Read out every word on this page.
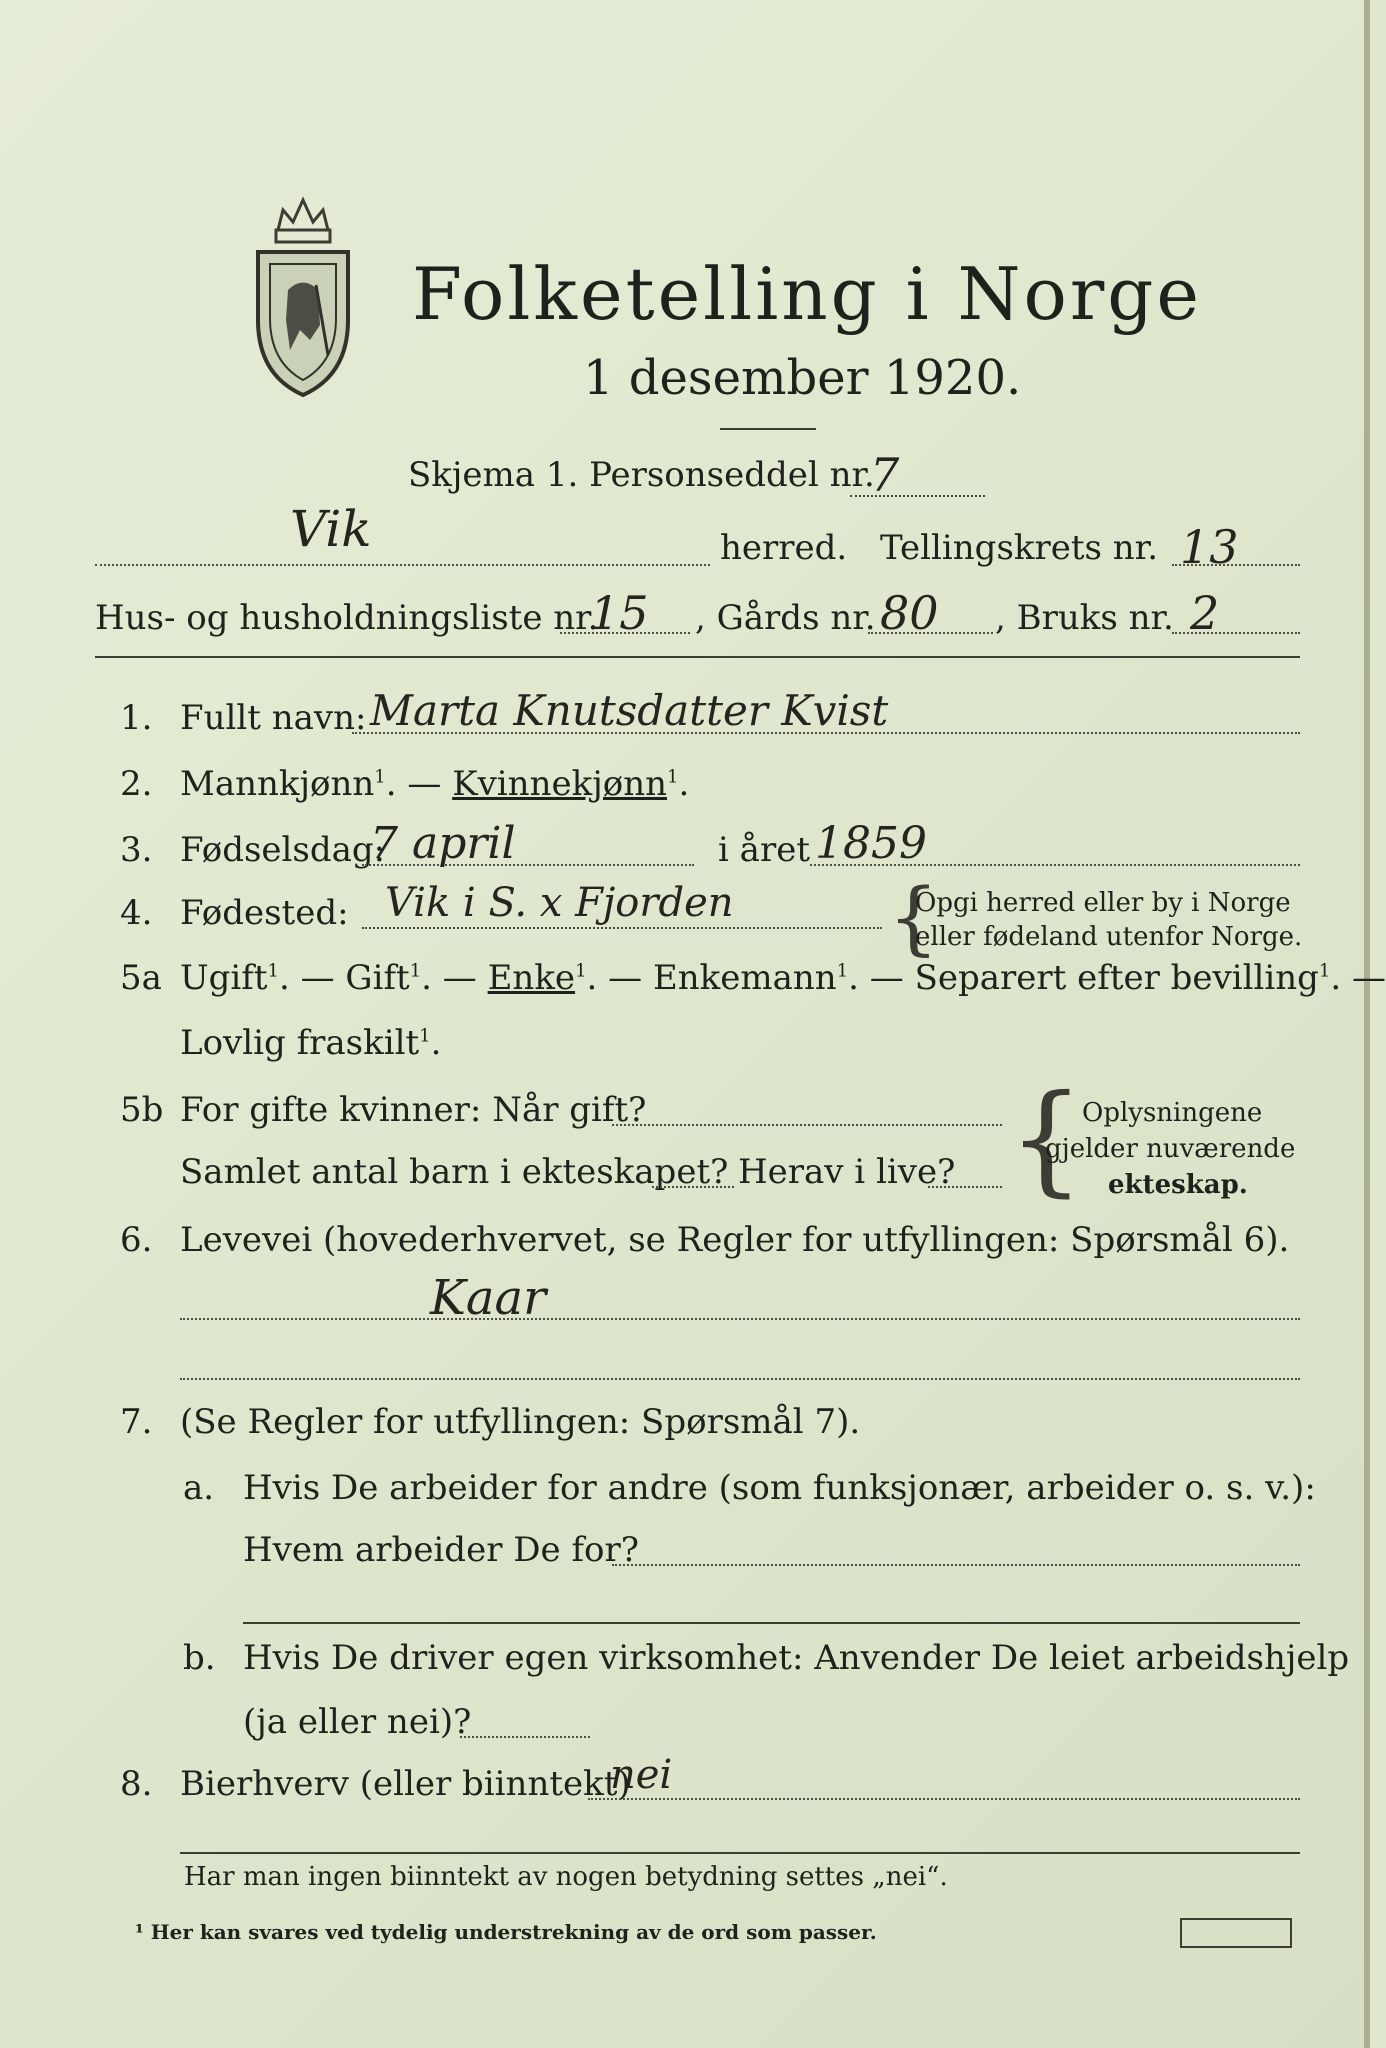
Folketelling i Norge
1 desember 1920.
Skjema 1. Personseddel nr.
7
Vik	herred. Tellingskrets nr. 13
Hus- og husholdningsliste nr.
15 , Gårds nr. 80 , Bruks nr. 2
1. Fullt navn: Marta Knutsdatter Kvist
2. Mannkjønn$^1$. — Kvinnekjønn$^1$.
3. Fødselsdag:
7 april	i året 1859
4. Fødested: Vik i S. x Fjorden {
Opgi herred eller by i Norge
eller fødeland utenfor Norge.
5a Ugift$^1$. — Gift$^1$. — Enke$^1$. — Enkemann$^1$. — Separert efter bevilling$^1$. —
Lovlig fraskilt$^1$.
5b For gifte kvinner: Når gift?
Samlet antal barn i ekteskapet? Herav i live? {
Oplysningene
gjelder nuværende
ekteskap.
6. Levevei (hovederhvervet, se Regler for utfyllingen: Spørsmål 6).
Kaar
7. (Se Regler for utfyllingen: Spørsmål 7).
a. Hvis De arbeider for andre (som funksjonær, arbeider o. s. v.):
Hvem arbeider De for?
b. Hvis De driver egen virksomhet: Anvender De leiet arbeidshjelp
(ja eller nei)?
8. Bierhverv (eller biinntekt)
nei
Har man ingen biinntekt av nogen betydning settes „nei“.
¹ Her kan svares ved tydelig understrekning av de ord som passer.
